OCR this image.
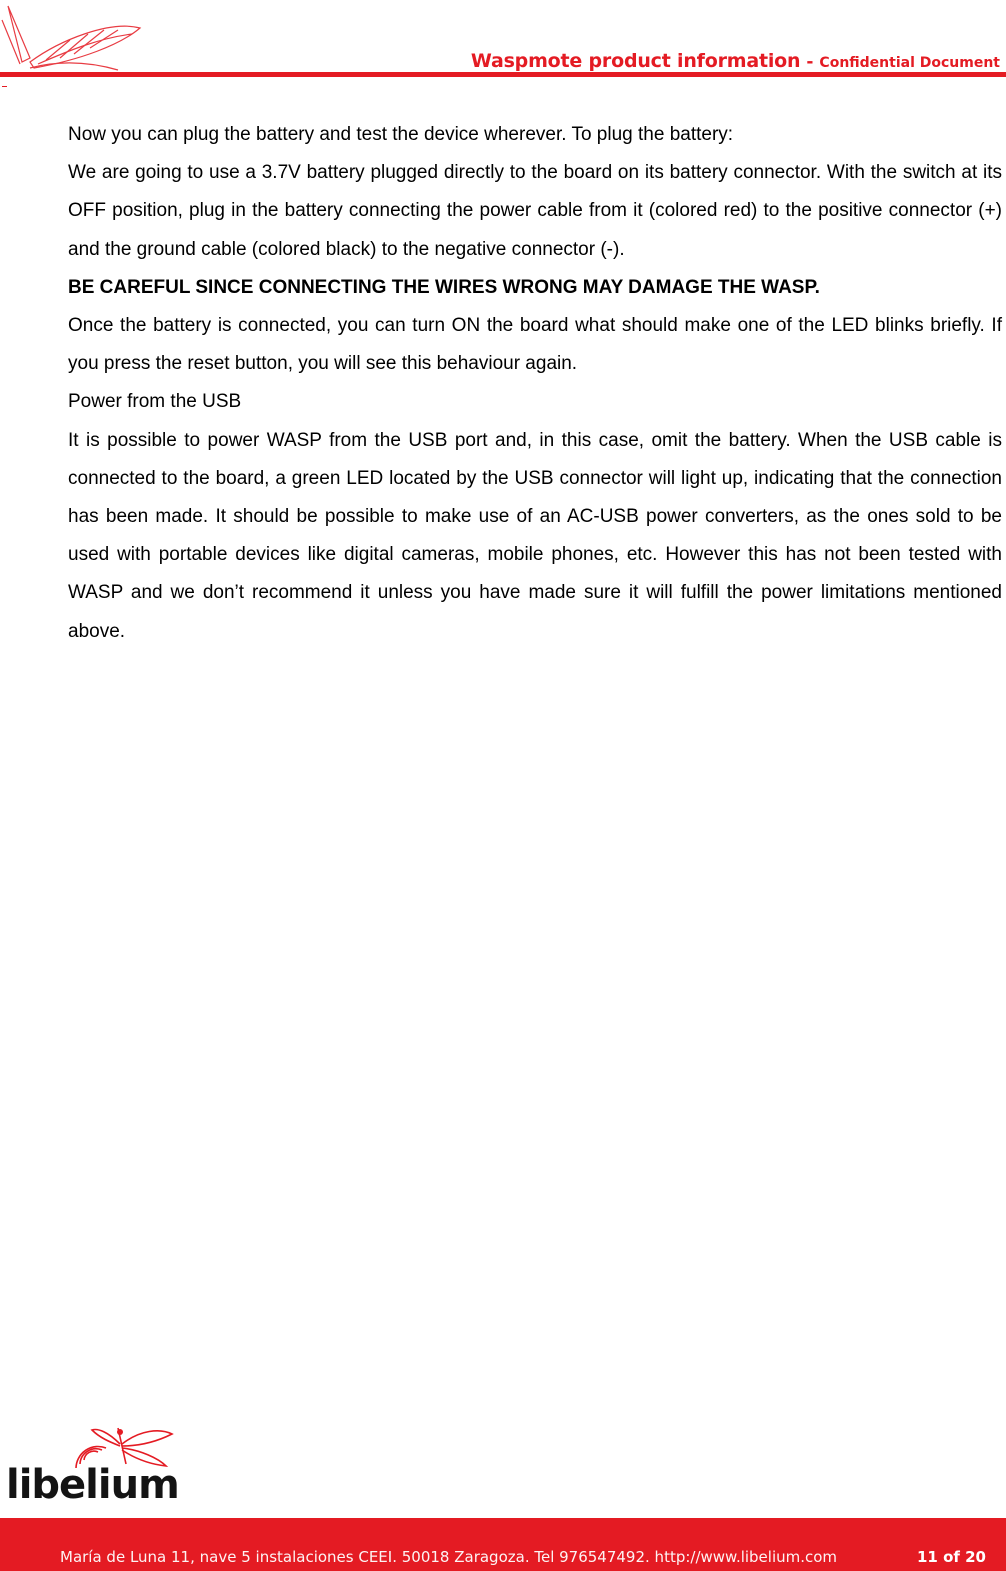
Waspmote product information - Confidential Document

Now you can plug the battery and test the device wherever. To plug the battery:

We are going to use a 3.7V battery plugged directly to the board on its battery connector. With the switch at its OFF position, plug in the battery connecting the power cable from it (colored red) to the positive connector (+) and the ground cable (colored black) to the negative connector (-).

BE CAREFUL SINCE CONNECTING THE WIRES WRONG MAY DAMAGE THE WASP.

Once the battery is connected, you can turn ON the board what should make one of the LED blinks briefly. If you press the reset button, you will see this behaviour again.

Power from the USB

It is possible to power WASP from the USB port and, in this case, omit the battery. When the USB cable is connected to the board, a green LED located by the USB connector will light up, indicating that the connection has been made. It should be possible to make use of an AC-USB power converters, as the ones sold to be used with portable devices like digital cameras, mobile phones, etc. However this has not been tested with WASP and we don’t recommend it unless you have made sure it will fulfill the power limitations mentioned above.

libelium
María de Luna 11, nave 5 instalaciones CEEI. 50018 Zaragoza. Tel 976547492. http://www.libelium.com	11 of 20
